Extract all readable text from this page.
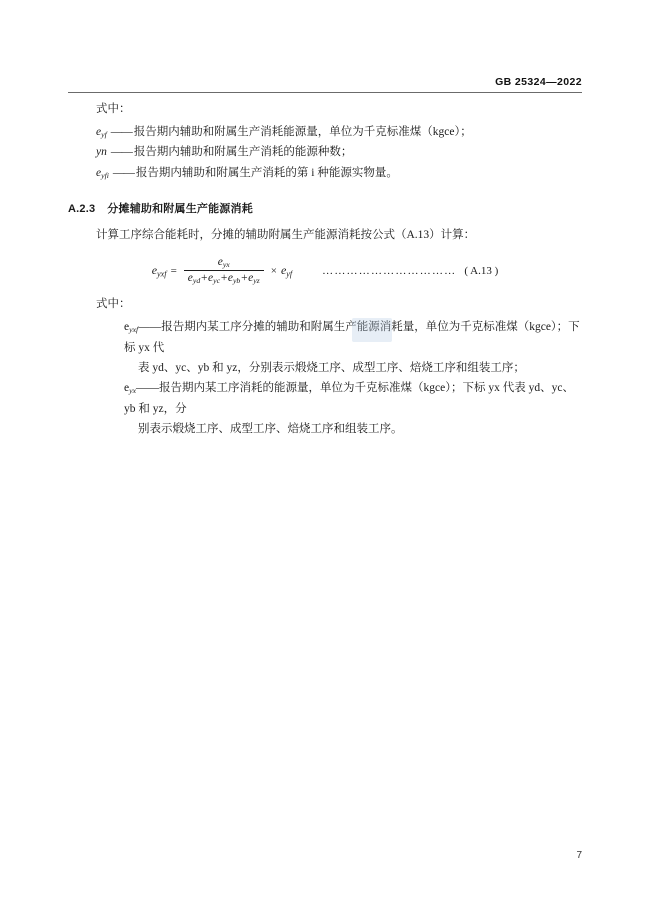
GB 25324—2022

式中：

$e_{yf}$ —— 报告期内辅助和附属生产消耗能源量，单位为千克标准煤（kgce）；
yn —— 报告期内辅助和附属生产消耗的能源种数；
$e_{yfi}$ —— 报告期内辅助和附属生产消耗的第 i 种能源实物量。
A.2.3 分摊辅助和附属生产能源消耗

计算工序综合能耗时，分摊的辅助附属生产能源消耗按公式（A.13）计算：

$e_{yxf} = \frac{e_{yx}}{e_{yd}+e_{yc}+e_{yb}+e_{yz}} \times e_{yf}$	…………………………… ( A.13 )

式中：

$e_{yxf}——$报告期内某工序分摊的辅助和附属生产能源消耗量，单位为千克标准煤（kgce）；下标 yx 代
表 yd、yc、yb 和 yz，分别表示煅烧工序、成型工序、焙烧工序和组装工序；
$e_{yx}——$报告期内某工序消耗的能源量，单位为千克标准煤（kgce）；下标 yx 代表 yd、yc、yb 和 yz，分
别表示煅烧工序、成型工序、焙烧工序和组装工序。
7
